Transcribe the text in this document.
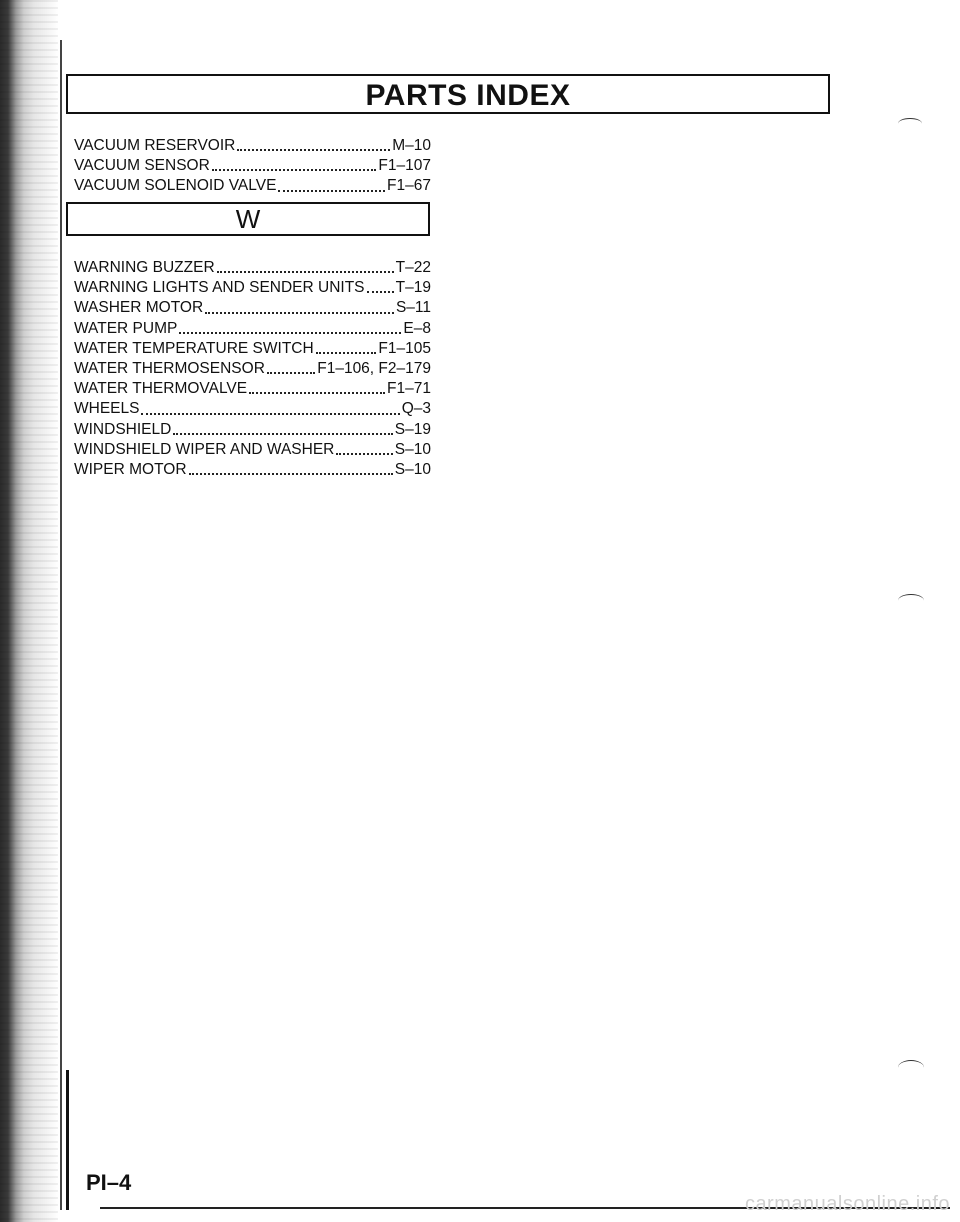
PARTS INDEX
VACUUM RESERVOIR	M–10
VACUUM SENSOR	F1–107
VACUUM SOLENOID VALVE	F1–67
W
WARNING BUZZER	T–22
WARNING LIGHTS AND SENDER UNITS T–19
WASHER MOTOR	S–11
WATER PUMP	E–8
WATER TEMPERATURE SWITCH	F1–105
WATER THERMOSENSOR	F1–106, F2–179
WATER THERMOVALVE	F1–71
WHEELS	Q–3
WINDSHIELD	S–19
WINDSHIELD WIPER AND WASHER	S–10
WIPER MOTOR	S–10
PI–4
carmanualsonline.info
